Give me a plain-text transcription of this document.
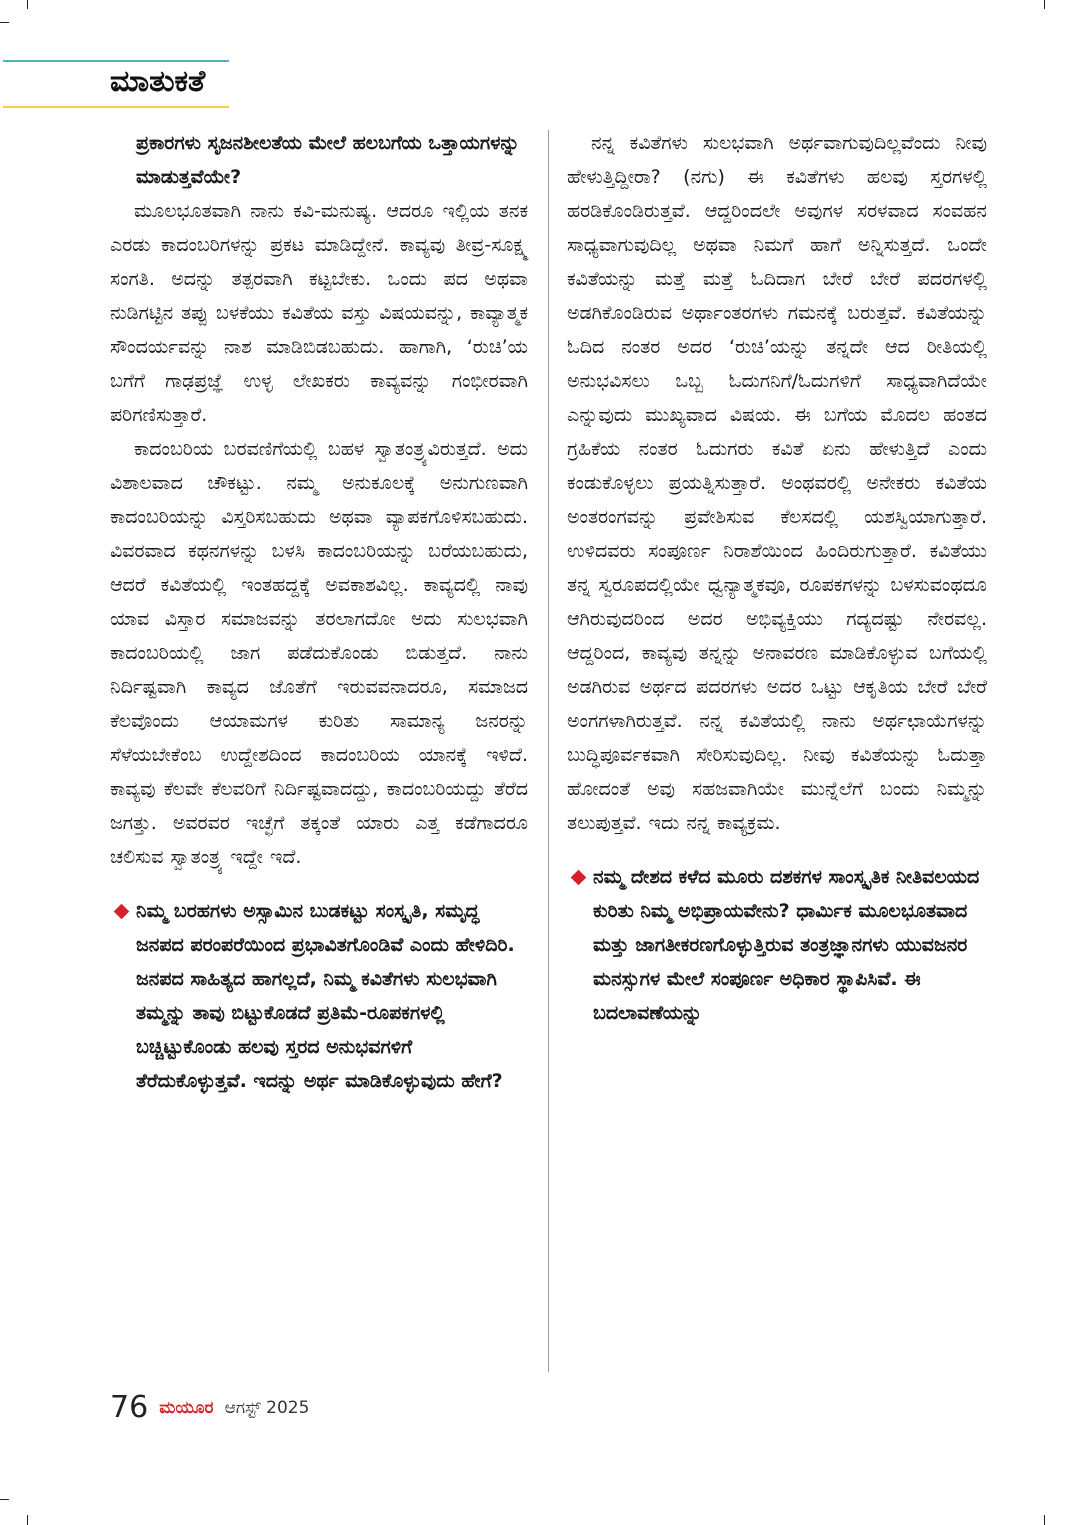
ಮಾತುಕತೆ

ಪ್ರಕಾರಗಳು ಸೃಜನಶೀಲತೆಯ ಮೇಲೆ ಹಲಬಗೆಯ ಒತ್ತಾಯಗಳನ್ನು ಮಾಡುತ್ತವೆಯೇ?

ಮೂಲಭೂತವಾಗಿ ನಾನು ಕವಿ-ಮನುಷ್ಯ. ಆದರೂ ಇಲ್ಲಿಯ ತನಕ ಎರಡು ಕಾದಂಬರಿಗಳನ್ನು ಪ್ರಕಟ ಮಾಡಿದ್ದೇನೆ. ಕಾವ್ಯವು ತೀವ್ರ-ಸೂಕ್ಷ್ಮ ಸಂಗತಿ. ಅದನ್ನು ತತ್ಪರವಾಗಿ ಕಟ್ಟಬೇಕು. ಒಂದು ಪದ ಅಥವಾ ನುಡಿಗಟ್ಟಿನ ತಪ್ಪು ಬಳಕೆಯು ಕವಿತೆಯ ವಸ್ತು ವಿಷಯವನ್ನು, ಕಾವ್ಯಾತ್ಮಕ ಸೌಂದರ್ಯವನ್ನು ನಾಶ ಮಾಡಿಬಿಡಬಹುದು. ಹಾಗಾಗಿ, ‘ರುಚಿ’ಯ ಬಗೆಗೆ ಗಾಢಪ್ರಜ್ಞೆ ಉಳ್ಳ ಲೇಖಕರು ಕಾವ್ಯವನ್ನು ಗಂಭೀರವಾಗಿ ಪರಿಗಣಿಸುತ್ತಾರೆ.

ಕಾದಂಬರಿಯ ಬರವಣಿಗೆಯಲ್ಲಿ ಬಹಳ ಸ್ವಾತಂತ್ರ್ಯವಿರುತ್ತದೆ. ಅದು ವಿಶಾಲವಾದ ಚೌಕಟ್ಟು. ನಮ್ಮ ಅನುಕೂಲಕ್ಕೆ ಅನುಗುಣವಾಗಿ ಕಾದಂಬರಿಯನ್ನು ವಿಸ್ತರಿಸಬಹುದು ಅಥವಾ ವ್ಯಾಪಕಗೊಳಿಸಬಹುದು. ವಿವರವಾದ ಕಥನಗಳನ್ನು ಬಳಸಿ ಕಾದಂಬರಿಯನ್ನು ಬರೆಯಬಹುದು, ಆದರೆ ಕವಿತೆಯಲ್ಲಿ ಇಂತಹದ್ದಕ್ಕೆ ಅವಕಾಶವಿಲ್ಲ. ಕಾವ್ಯದಲ್ಲಿ ನಾವು ಯಾವ ವಿಸ್ತಾರ ಸಮಾಜವನ್ನು ತರಲಾಗದೋ ಅದು ಸುಲಭವಾಗಿ ಕಾದಂಬರಿಯಲ್ಲಿ ಜಾಗ ಪಡೆದುಕೊಂಡು ಬಿಡುತ್ತದೆ. ನಾನು ನಿರ್ದಿಷ್ಟವಾಗಿ ಕಾವ್ಯದ ಜೊತೆಗೆ ಇರುವವನಾದರೂ, ಸಮಾಜದ ಕೆಲವೊಂದು ಆಯಾಮಗಳ ಕುರಿತು ಸಾಮಾನ್ಯ ಜನರನ್ನು ಸೆಳೆಯಬೇಕೆಂಬ ಉದ್ದೇಶದಿಂದ ಕಾದಂಬರಿಯ ಯಾನಕ್ಕೆ ಇಳಿದೆ. ಕಾವ್ಯವು ಕೆಲವೇ ಕೆಲವರಿಗೆ ನಿರ್ದಿಷ್ಟವಾದದ್ದು, ಕಾದಂಬರಿಯದ್ದು ತೆರೆದ ಜಗತ್ತು. ಅವರವರ ಇಚ್ಛೆಗೆ ತಕ್ಕಂತೆ ಯಾರು ಎತ್ತ ಕಡೆಗಾದರೂ ಚಲಿಸುವ ಸ್ವಾತಂತ್ರ್ಯ ಇದ್ದೇ ಇದೆ.

ನಿಮ್ಮ ಬರಹಗಳು ಅಸ್ಸಾಮಿನ ಬುಡಕಟ್ಟು ಸಂಸ್ಕೃತಿ, ಸಮೃದ್ಧ ಜನಪದ ಪರಂಪರೆಯಿಂದ ಪ್ರಭಾವಿತಗೊಂಡಿವೆ ಎಂದು ಹೇಳಿದಿರಿ. ಜನಪದ ಸಾಹಿತ್ಯದ ಹಾಗಲ್ಲದೆ, ನಿಮ್ಮ ಕವಿತೆಗಳು ಸುಲಭವಾಗಿ ತಮ್ಮನ್ನು ತಾವು ಬಿಟ್ಟುಕೊಡದೆ ಪ್ರತಿಮೆ-ರೂಪಕಗಳಲ್ಲಿ ಬಚ್ಚಿಟ್ಟುಕೊಂಡು ಹಲವು ಸ್ತರದ ಅನುಭವಗಳಿಗೆ ತೆರೆದುಕೊಳ್ಳುತ್ತವೆ. ಇದನ್ನು ಅರ್ಥ ಮಾಡಿಕೊಳ್ಳುವುದು ಹೇಗೆ?

ನನ್ನ ಕವಿತೆಗಳು ಸುಲಭವಾಗಿ ಅರ್ಥವಾಗುವುದಿಲ್ಲವೆಂದು ನೀವು ಹೇಳುತ್ತಿದ್ದೀರಾ? (ನಗು) ಈ ಕವಿತೆಗಳು ಹಲವು ಸ್ತರಗಳಲ್ಲಿ ಹರಡಿಕೊಂಡಿರುತ್ತವೆ. ಆದ್ದರಿಂದಲೇ ಅವುಗಳ ಸರಳವಾದ ಸಂವಹನ ಸಾಧ್ಯವಾಗುವುದಿಲ್ಲ ಅಥವಾ ನಿಮಗೆ ಹಾಗೆ ಅನ್ನಿಸುತ್ತದೆ. ಒಂದೇ ಕವಿತೆಯನ್ನು ಮತ್ತೆ ಮತ್ತೆ ಓದಿದಾಗ ಬೇರೆ ಬೇರೆ ಪದರಗಳಲ್ಲಿ ಅಡಗಿಕೊಂಡಿರುವ ಅರ್ಥಾಂತರಗಳು ಗಮನಕ್ಕೆ ಬರುತ್ತವೆ. ಕವಿತೆಯನ್ನು ಓದಿದ ನಂತರ ಅದರ ‘ರುಚಿ’ಯನ್ನು ತನ್ನದೇ ಆದ ರೀತಿಯಲ್ಲಿ ಅನುಭವಿಸಲು ಒಬ್ಬ ಓದುಗನಿಗೆ/ಓದುಗಳಿಗೆ ಸಾಧ್ಯವಾಗಿದೆಯೇ ಎನ್ನುವುದು ಮುಖ್ಯವಾದ ವಿಷಯ. ಈ ಬಗೆಯ ಮೊದಲ ಹಂತದ ಗ್ರಹಿಕೆಯ ನಂತರ ಓದುಗರು ಕವಿತೆ ಏನು ಹೇಳುತ್ತಿದೆ ಎಂದು ಕಂಡುಕೊಳ್ಳಲು ಪ್ರಯತ್ನಿಸುತ್ತಾರೆ. ಅಂಥವರಲ್ಲಿ ಅನೇಕರು ಕವಿತೆಯ ಅಂತರಂಗವನ್ನು ಪ್ರವೇಶಿಸುವ ಕೆಲಸದಲ್ಲಿ ಯಶಸ್ವಿಯಾಗುತ್ತಾರೆ. ಉಳಿದವರು ಸಂಪೂರ್ಣ ನಿರಾಶೆಯಿಂದ ಹಿಂದಿರುಗುತ್ತಾರೆ. ಕವಿತೆಯು ತನ್ನ ಸ್ವರೂಪದಲ್ಲಿಯೇ ಧ್ವನ್ಯಾತ್ಮಕವೂ, ರೂಪಕಗಳನ್ನು ಬಳಸುವಂಥದೂ ಆಗಿರುವುದರಿಂದ ಅದರ ಅಭಿವ್ಯಕ್ತಿಯು ಗದ್ಯದಷ್ಟು ನೇರವಲ್ಲ. ಆದ್ದರಿಂದ, ಕಾವ್ಯವು ತನ್ನನ್ನು ಅನಾವರಣ ಮಾಡಿಕೊಳ್ಳುವ ಬಗೆಯಲ್ಲಿ ಅಡಗಿರುವ ಅರ್ಥದ ಪದರಗಳು ಅದರ ಒಟ್ಟು ಆಕೃತಿಯ ಬೇರೆ ಬೇರೆ ಅಂಗಗಳಾಗಿರುತ್ತವೆ. ನನ್ನ ಕವಿತೆಯಲ್ಲಿ ನಾನು ಅರ್ಥಛಾಯೆಗಳನ್ನು ಬುದ್ಧಿಪೂರ್ವಕವಾಗಿ ಸೇರಿಸುವುದಿಲ್ಲ. ನೀವು ಕವಿತೆಯನ್ನು ಓದುತ್ತಾ ಹೋದಂತೆ ಅವು ಸಹಜವಾಗಿಯೇ ಮುನ್ನೆಲೆಗೆ ಬಂದು ನಿಮ್ಮನ್ನು ತಲುಪುತ್ತವೆ. ಇದು ನನ್ನ ಕಾವ್ಯಕ್ರಮ.

ನಮ್ಮ ದೇಶದ ಕಳೆದ ಮೂರು ದಶಕಗಳ ಸಾಂಸ್ಕೃತಿಕ ನೀತಿವಲಯದ ಕುರಿತು ನಿಮ್ಮ ಅಭಿಪ್ರಾಯವೇನು? ಧಾರ್ಮಿಕ ಮೂಲಭೂತವಾದ ಮತ್ತು ಜಾಗತೀಕರಣಗೊಳ್ಳುತ್ತಿರುವ ತಂತ್ರಜ್ಞಾನಗಳು ಯುವಜನರ ಮನಸ್ಸುಗಳ ಮೇಲೆ ಸಂಪೂರ್ಣ ಅಧಿಕಾರ ಸ್ಥಾಪಿಸಿವೆ. ಈ ಬದಲಾವಣೆಯನ್ನು
76 ಮಯೂರ ಆಗಸ್ಟ್ 2025
